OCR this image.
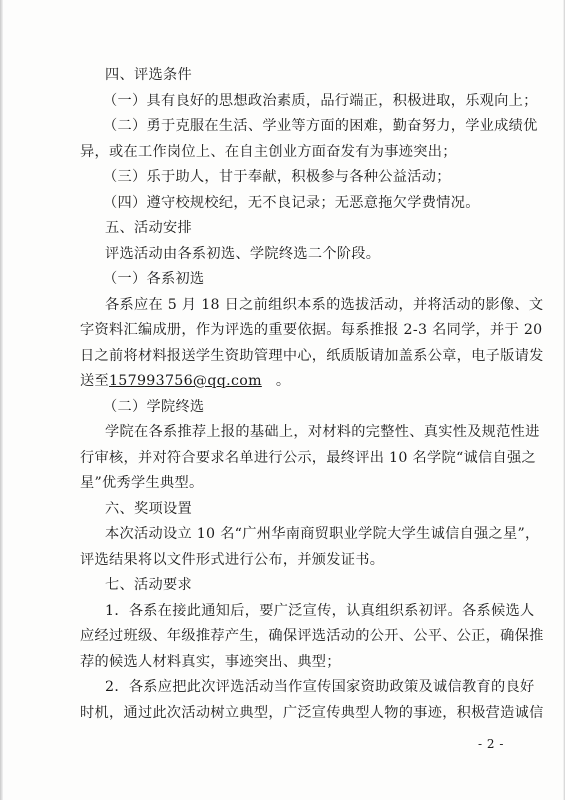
四、评选条件
（一）具有良好的思想政治素质，品行端正，积极进取，乐观向上；
（二）勇于克服在生活、学业等方面的困难，勤奋努力，学业成绩优
异，或在工作岗位上、在自主创业方面奋发有为事迹突出；
（三）乐于助人，甘于奉献，积极参与各种公益活动；
（四）遵守校规校纪，无不良记录；无恶意拖欠学费情况。
五、活动安排
评选活动由各系初选、学院终选二个阶段。
（一）各系初选
各系应在 5 月 18 日之前组织本系的选拔活动，并将活动的影像、文
字资料汇编成册，作为评选的重要依据。每系推报 2-3 名同学，并于 20
日之前将材料报送学生资助管理中心，纸质版请加盖系公章，电子版请发
送至157993756@qq.com 。
（二）学院终选
学院在各系推荐上报的基础上，对材料的完整性、真实性及规范性进
行审核，并对符合要求名单进行公示，最终评出 10 名学院“诚信自强之
星”优秀学生典型。
六、奖项设置
本次活动设立 10 名“广州华南商贸职业学院大学生诚信自强之星”，
评选结果将以文件形式进行公布，并颁发证书。
七、活动要求
1．各系在接此通知后，要广泛宣传，认真组织系初评。各系候选人
应经过班级、年级推荐产生，确保评选活动的公开、公平、公正，确保推
荐的候选人材料真实，事迹突出、典型；
2．各系应把此次评选活动当作宣传国家资助政策及诚信教育的良好
时机，通过此次活动树立典型，广泛宣传典型人物的事迹，积极营造诚信
- 2 -
